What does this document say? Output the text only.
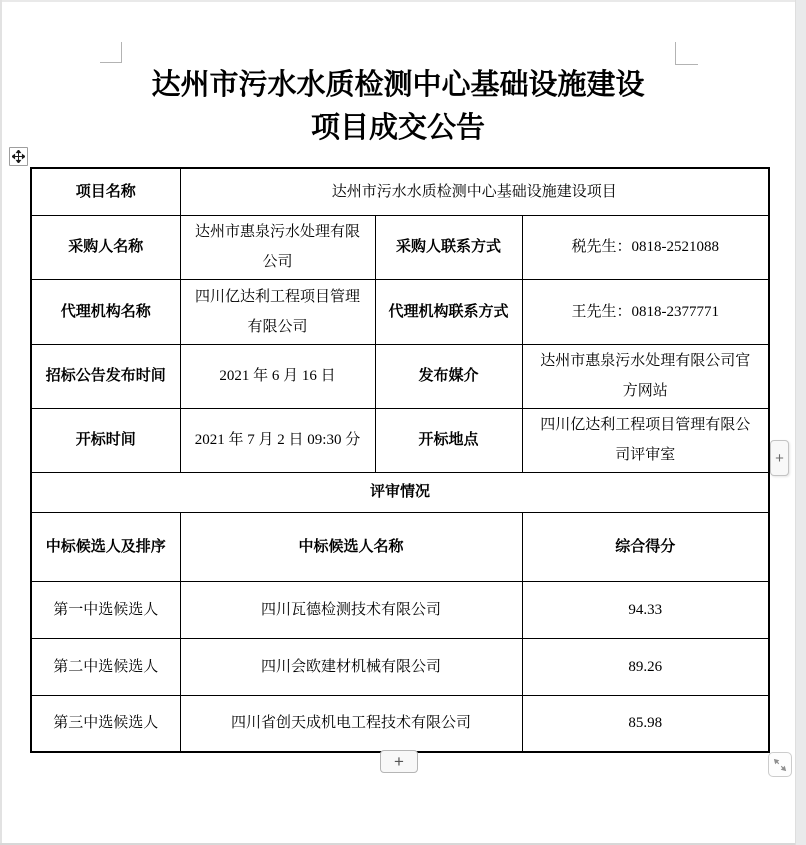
达州市污水水质检测中心基础设施建设
项目成交公告
项目名称	达州市污水水质检测中心基础设施建设项目		
采购人名称	达州市惠泉污水处理有限公司	采购人联系方式	税先生：0818-2521088
代理机构名称	四川亿达利工程项目管理有限公司	代理机构联系方式	王先生：0818-2377771
招标公告发布时间	2021 年 6 月 16 日	发布媒介	达州市惠泉污水处理有限公司官方网站
开标时间	2021 年 7 月 2 日 09:30 分	开标地点	四川亿达利工程项目管理有限公司评审室
评审情况			
中标候选人及排序	中标候选人名称		综合得分
第一中选候选人	四川瓦德检测技术有限公司		94.33
第二中选候选人	四川会欧建材机械有限公司		89.26
第三中选候选人	四川省创天成机电工程技术有限公司		85.98
+
+
